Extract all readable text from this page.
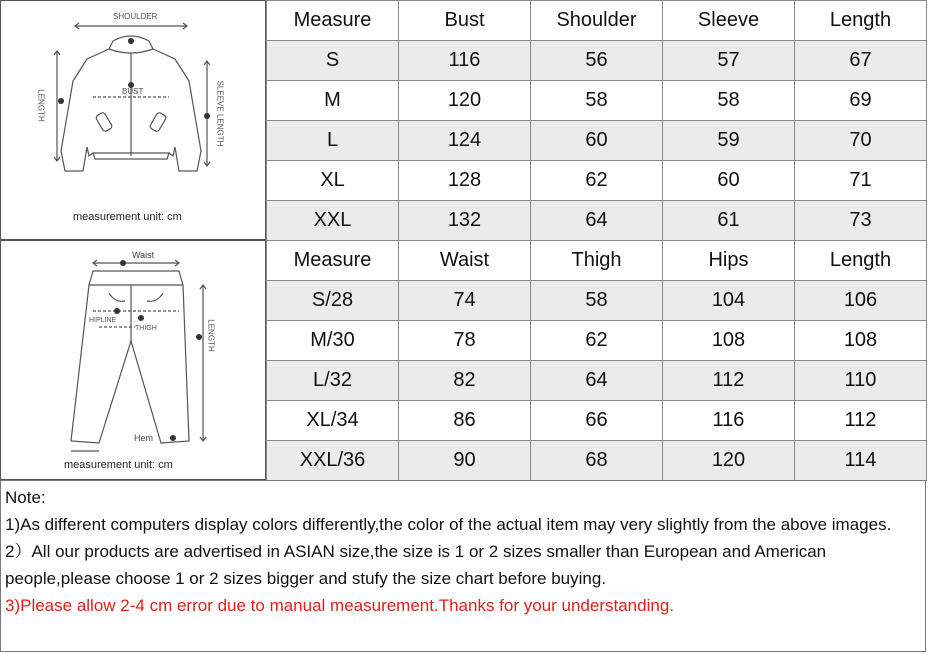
SHOULDER
BUST
LENGTH	SLEEVE LENGTH
measurement unit: cm
Measure	Bust	Shoulder	Sleeve	Length
S	116	56	57	67
M	120	58	58	69
L	124	60	59	70
XL	128	62	60	71
XXL	132	64	61	73
Waist
HIPLINE
THIGH	LENGTH
Hem
measurement unit: cm
Measure	Waist	Thigh	Hips	Length
S/28	74	58	104	106
M/30	78	62	108	108
L/32	82	64	112	110
XL/34	86	66	116	112
XXL/36	90	68	120	114

Note:

1)As different computers display colors differently,the color of the actual item may very slightly from the above images.

2）All our products are advertised in ASIAN size,the size is 1 or 2 sizes smaller than European and American people,please choose 1 or 2 sizes bigger and stufy the size chart before buying.

3)Please allow 2-4 cm error due to manual measurement.Thanks for your understanding.
